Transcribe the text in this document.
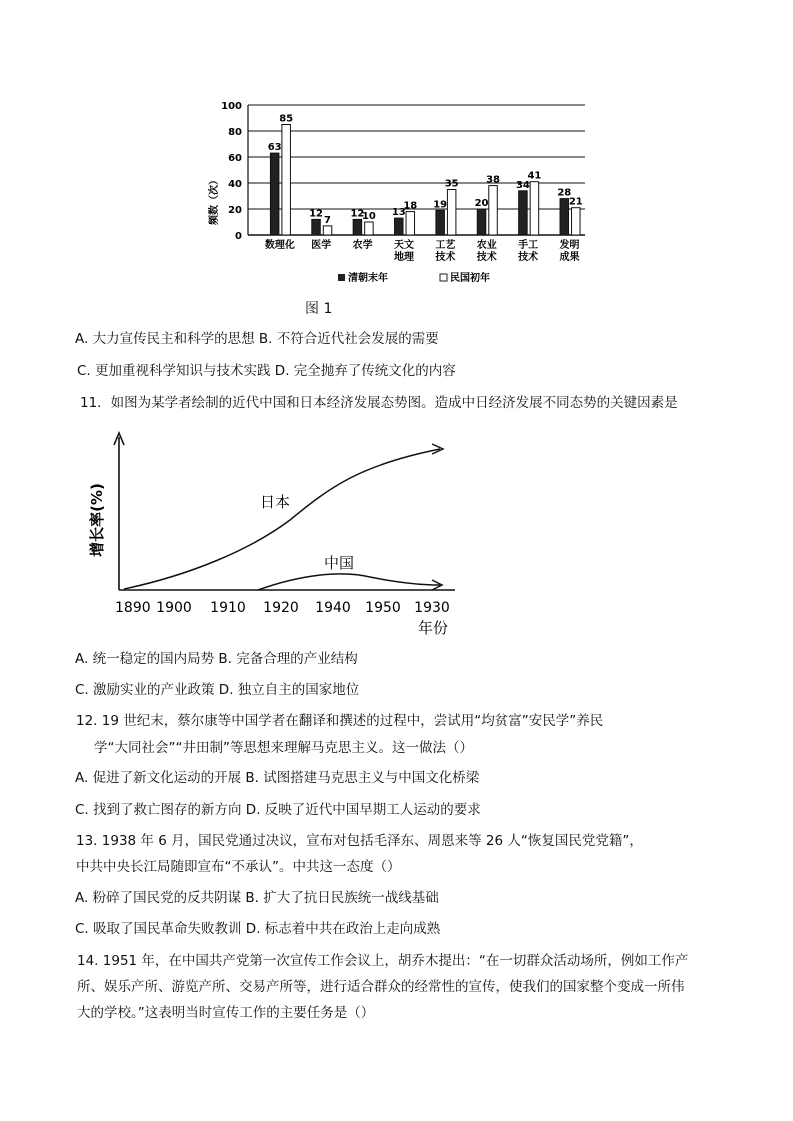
0
20
40
60
80
100
63
85
数理化
12
7
医学
12
10
农学
13
18
天文
地理
19
35
工艺
技术
20
38
农业
技术
34
41
手工
技术
28
21
发明
成果
频数（次）
清朝末年	民国初年
图 1
A. 大力宣传民主和科学的思想 B. 不符合近代社会发展的需要
C. 更加重视科学知识与技术实践 D. 完全抛弃了传统文化的内容
11．如图为某学者绘制的近代中国和日本经济发展态势图。造成中日经济发展不同态势的关键因素是
日本
中国
增长率(%)
1890 1900 1910 1920 1940 1950 1930
年份
A. 统一稳定的国内局势 B. 完备合理的产业结构
C. 激励实业的产业政策 D. 独立自主的国家地位
12. 19 世纪末，蔡尔康等中国学者在翻译和撰述的过程中，尝试用“均贫富”安民学”养民
学“大同社会”“井田制”等思想来理解马克思主义。这一做法（）
A. 促进了新文化运动的开展 B. 试图搭建马克思主义与中国文化桥梁
C. 找到了救亡图存的新方向 D. 反映了近代中国早期工人运动的要求
13. 1938 年 6 月，国民党通过决议，宣布对包括毛泽东、周恩来等 26 人“恢复国民党党籍”，
中共中央长江局随即宣布“不承认”。中共这一态度（）
A. 粉碎了国民党的反共阴谋 B. 扩大了抗日民族统一战线基础
C. 吸取了国民革命失败教训 D. 标志着中共在政治上走向成熟
14. 1951 年，在中国共产党第一次宣传工作会议上，胡乔木提出：“在一切群众活动场所，例如工作产
所、娱乐产所、游览产所、交易产所等，进行适合群众的经常性的宣传，使我们的国家整个变成一所伟
大的学校。”这表明当时宣传工作的主要任务是（）
